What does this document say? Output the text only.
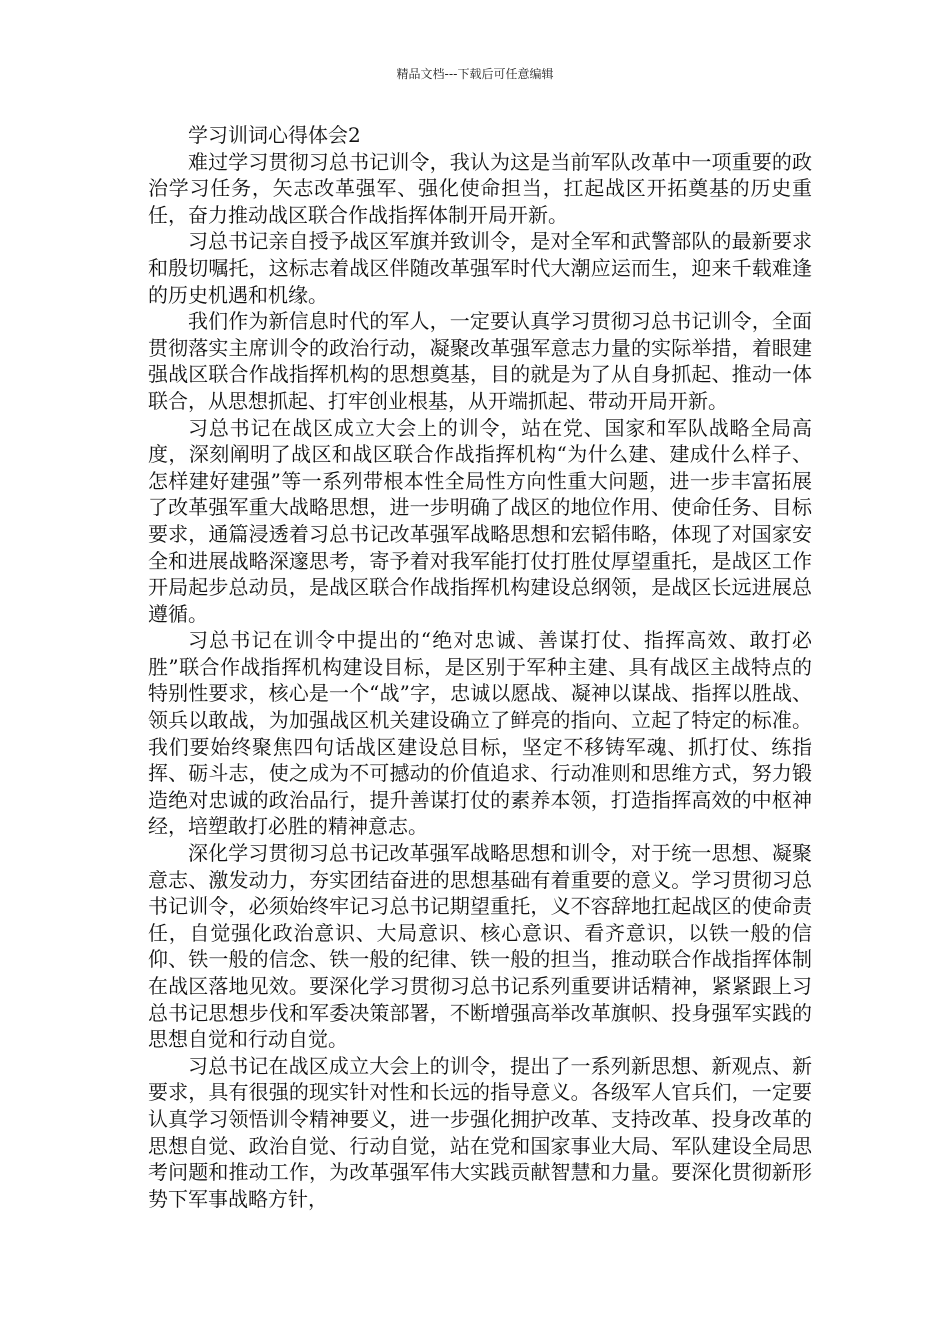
精品文档---下载后可任意编辑
学习训词心得体会2

难过学习贯彻习总书记训令，我认为这是当前军队改革中一项重要的政治学习任务，矢志改革强军、强化使命担当，扛起战区开拓奠基的历史重任，奋力推动战区联合作战指挥体制开局开新。

习总书记亲自授予战区军旗并致训令，是对全军和武警部队的最新要求和殷切嘱托，这标志着战区伴随改革强军时代大潮应运而生，迎来千载难逢的历史机遇和机缘。

我们作为新信息时代的军人，一定要认真学习贯彻习总书记训令，全面贯彻落实主席训令的政治行动，凝聚改革强军意志力量的实际举措，着眼建强战区联合作战指挥机构的思想奠基，目的就是为了从自身抓起、推动一体联合，从思想抓起、打牢创业根基，从开端抓起、带动开局开新。

习总书记在战区成立大会上的训令，站在党、国家和军队战略全局高度，深刻阐明了战区和战区联合作战指挥机构“为什么建、建成什么样子、怎样建好建强”等一系列带根本性全局性方向性重大问题，进一步丰富拓展了改革强军重大战略思想，进一步明确了战区的地位作用、使命任务、目标要求，通篇浸透着习总书记改革强军战略思想和宏韬伟略，体现了对国家安全和进展战略深邃思考，寄予着对我军能打仗打胜仗厚望重托，是战区工作开局起步总动员，是战区联合作战指挥机构建设总纲领，是战区长远进展总遵循。

习总书记在训令中提出的“绝对忠诚、善谋打仗、指挥高效、敢打必胜”联合作战指挥机构建设目标，是区别于军种主建、具有战区主战特点的特别性要求，核心是一个“战”字，忠诚以愿战、凝神以谋战、指挥以胜战、领兵以敢战，为加强战区机关建设确立了鲜亮的指向、立起了特定的标准。我们要始终聚焦四句话战区建设总目标，坚定不移铸军魂、抓打仗、练指挥、砺斗志，使之成为不可撼动的价值追求、行动准则和思维方式，努力锻造绝对忠诚的政治品行，提升善谋打仗的素养本领，打造指挥高效的中枢神经，培塑敢打必胜的精神意志。

深化学习贯彻习总书记改革强军战略思想和训令，对于统一思想、凝聚意志、激发动力，夯实团结奋进的思想基础有着重要的意义。学习贯彻习总书记训令，必须始终牢记习总书记期望重托，义不容辞地扛起战区的使命责任，自觉强化政治意识、大局意识、核心意识、看齐意识，以铁一般的信仰、铁一般的信念、铁一般的纪律、铁一般的担当，推动联合作战指挥体制在战区落地见效。要深化学习贯彻习总书记系列重要讲话精神，紧紧跟上习总书记思想步伐和军委决策部署，不断增强高举改革旗帜、投身强军实践的思想自觉和行动自觉。

习总书记在战区成立大会上的训令，提出了一系列新思想、新观点、新要求，具有很强的现实针对性和长远的指导意义。各级军人官兵们，一定要认真学习领悟训令精神要义，进一步强化拥护改革、支持改革、投身改革的思想自觉、政治自觉、行动自觉，站在党和国家事业大局、军队建设全局思考问题和推动工作，为改革强军伟大实践贡献智慧和力量。要深化贯彻新形势下军事战略方针，
